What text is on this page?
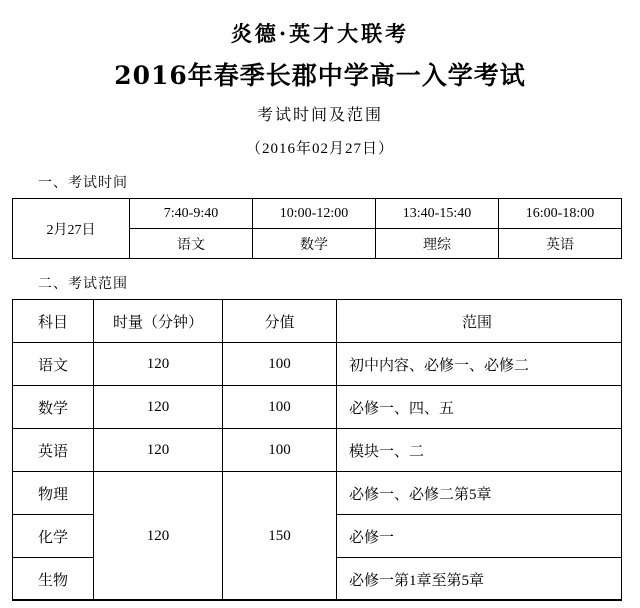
炎德·英才大联考
2016年春季长郡中学高一入学考试
考试时间及范围
（2016年02月27日）
一、考试时间
2月27日	7:40-9:40	10:00-12:00	13:40-15:40	16:00-18:00
	语文	数学	理综	英语
二、考试范围
科目	时量（分钟）	分值	范围
语文	120	100	初中内容、必修一、必修二
数学	120	100	必修一、四、五
英语	120	100	模块一、二
物理	120	150	必修一、必修二第5章
化学			必修一
生物			必修一第1章至第5章
